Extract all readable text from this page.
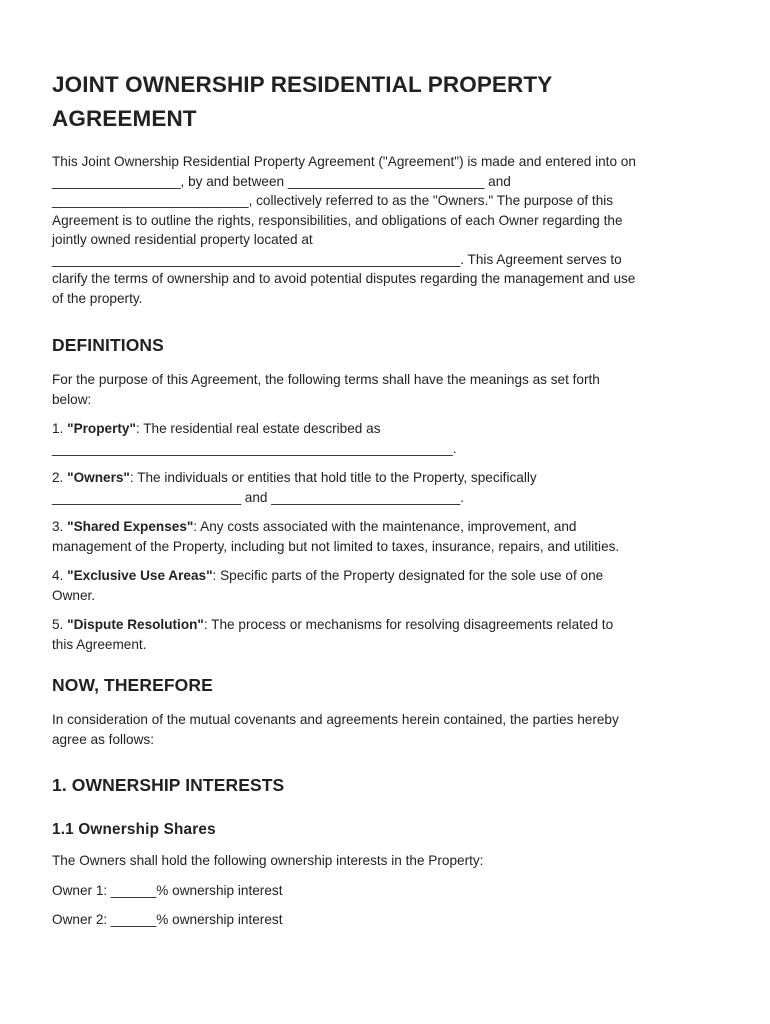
JOINT OWNERSHIP RESIDENTIAL PROPERTY
AGREEMENT

This Joint Ownership Residential Property Agreement ("Agreement") is made and entered into on
_________________, by and between __________________________ and
__________________________, collectively referred to as the "Owners." The purpose of this
Agreement is to outline the rights, responsibilities, and obligations of each Owner regarding the
jointly owned residential property located at
______________________________________________________. This Agreement serves to
clarify the terms of ownership and to avoid potential disputes regarding the management and use
of the property.

DEFINITIONS

For the purpose of this Agreement, the following terms shall have the meanings as set forth
below:

1. "Property": The residential real estate described as
_____________________________________________________.

2. "Owners": The individuals or entities that hold title to the Property, specifically
_________________________ and _________________________.

3. "Shared Expenses": Any costs associated with the maintenance, improvement, and
management of the Property, including but not limited to taxes, insurance, repairs, and utilities.

4. "Exclusive Use Areas": Specific parts of the Property designated for the sole use of one
Owner.

5. "Dispute Resolution": The process or mechanisms for resolving disagreements related to
this Agreement.

NOW, THEREFORE

In consideration of the mutual covenants and agreements herein contained, the parties hereby
agree as follows:

1. OWNERSHIP INTERESTS
1.1 Ownership Shares

The Owners shall hold the following ownership interests in the Property:

Owner 1: ______% ownership interest

Owner 2: ______% ownership interest
